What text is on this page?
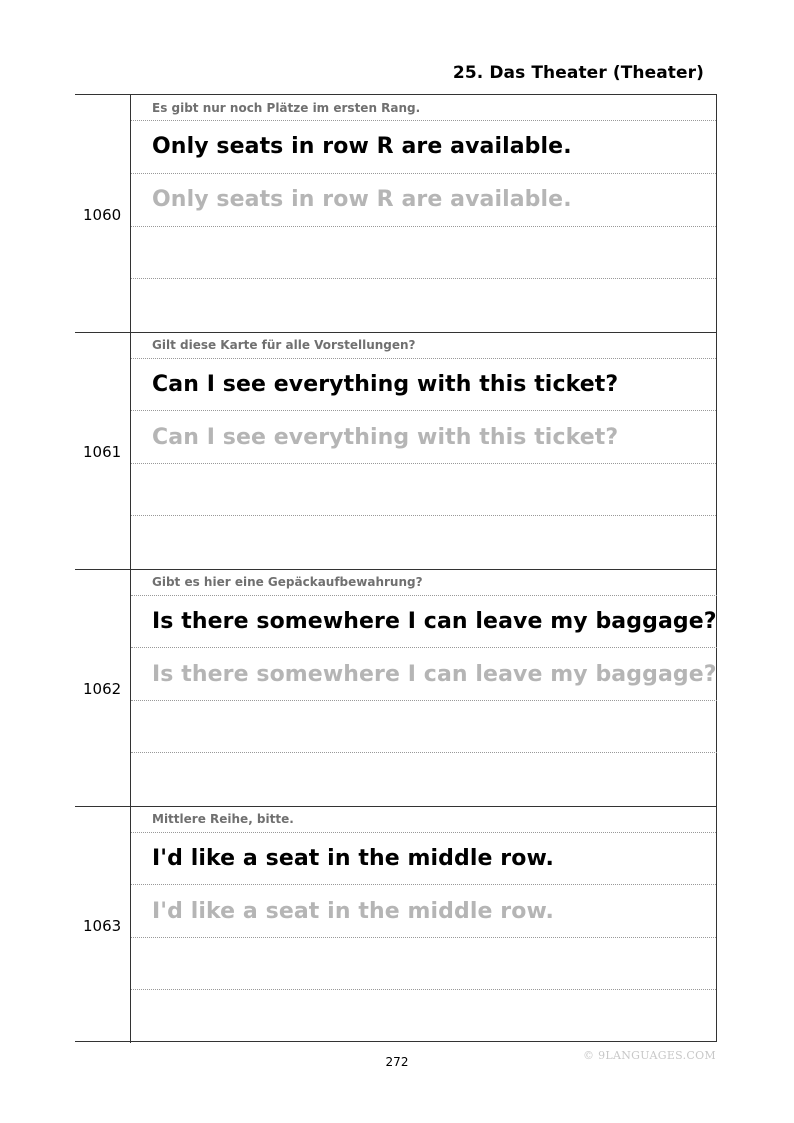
25. Das Theater (Theater)
1060
Es gibt nur noch Plätze im ersten Rang.
Only seats in row R are available.
Only seats in row R are available.
1061
Gilt diese Karte für alle Vorstellungen?
Can I see everything with this ticket?
Can I see everything with this ticket?
1062
Gibt es hier eine Gepäckaufbewahrung?
Is there somewhere I can leave my baggage?
Is there somewhere I can leave my baggage?
1063
Mittlere Reihe, bitte.
I'd like a seat in the middle row.
I'd like a seat in the middle row.
272	© 9LANGUAGES.COM
